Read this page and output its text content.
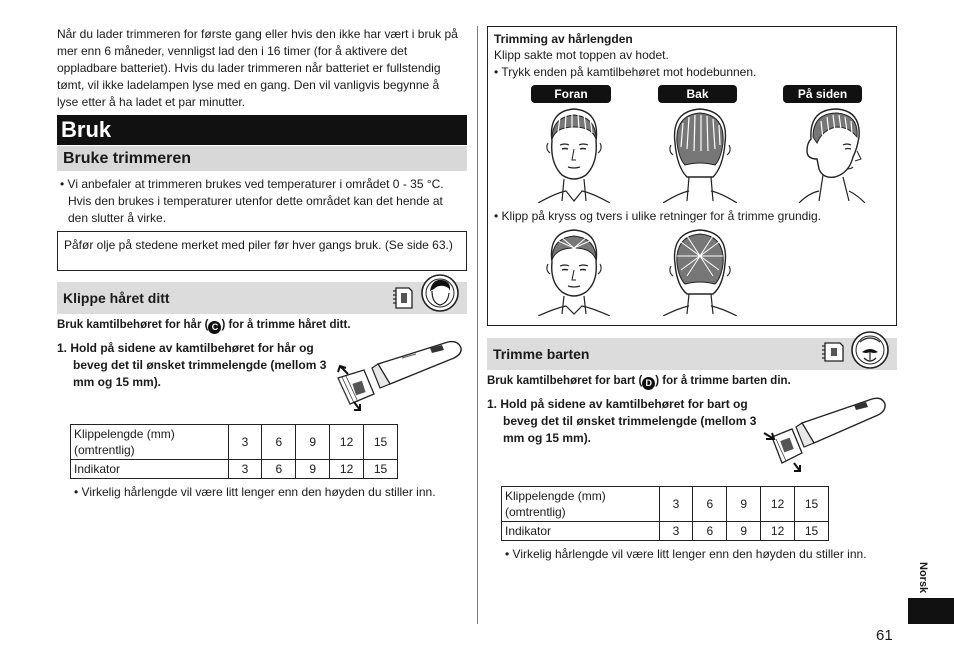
Når du lader trimmeren for første gang eller hvis den ikke har vært i bruk på mer enn 6 måneder, vennligst lad den i 16 timer (for å aktivere det oppladbare batteriet). Hvis du lader trimmeren når batteriet er fullstendig tømt, vil ikke ladelampen lyse med en gang. Den vil vanligvis begynne å lyse etter å ha ladet et par minutter.
Bruk
Bruke trimmeren
• Vi anbefaler at trimmeren brukes ved temperaturer i området 0 - 35 °C. Hvis den brukes i temperaturer utenfor dette området kan det hende at den slutter å virke.
Påfør olje på stedene merket med piler før hver gangs bruk. (Se side 63.)
Klippe håret ditt
Bruk kamtilbehøret for hår ( C ) for å trimme håret ditt.
1. Hold på sidene av kamtilbehøret for hår og beveg det til ønsket trimmelengde (mellom 3 mm og 15 mm).
Klippelengde (mm) (omtrentlig)	3	6	9	12	15
Indikator	3	6	9	12	15
• Virkelig hårlengde vil være litt lenger enn den høyden du stiller inn.
Trimming av hårlengden
Klipp sakte mot toppen av hodet.
• Trykk enden på kamtilbehøret mot hodebunnen.
Foran	Bak	På siden
• Klipp på kryss og tvers i ulike retninger for å trimme grundig.
Trimme barten
Bruk kamtilbehøret for bart ( D ) for å trimme barten din.
1. Hold på sidene av kamtilbehøret for bart og beveg det til ønsket trimmelengde (mellom 3 mm og 15 mm).
Klippelengde (mm) (omtrentlig)	3	6	9	12	15
Indikator	3	6	9	12	15
• Virkelig hårlengde vil være litt lenger enn den høyden du stiller inn.
Norsk
61
